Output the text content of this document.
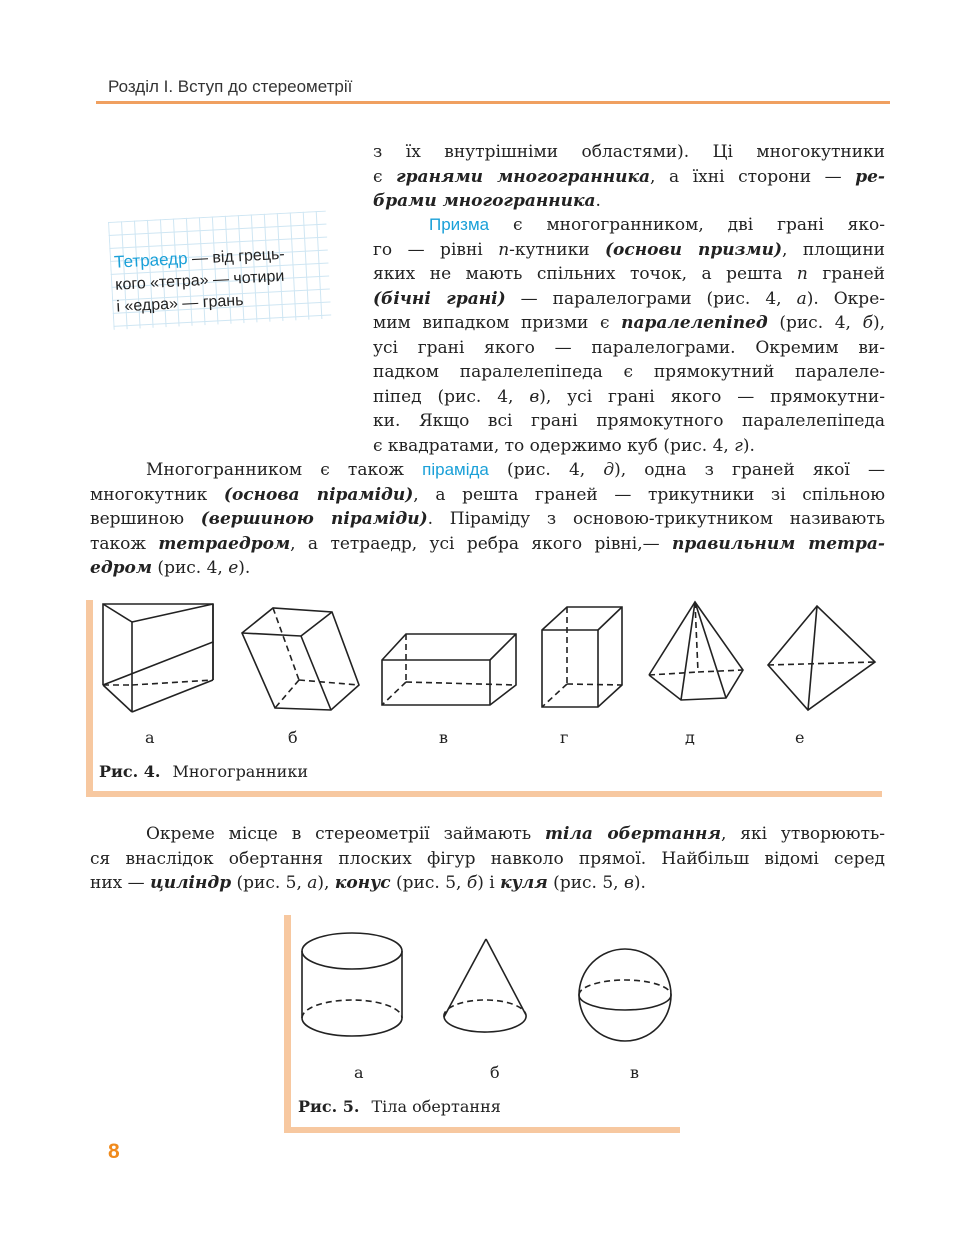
Розділ I. Вступ до стереометрії
Тетраедр — від грець-
кого «тетра» — чотири
і «едра» — грань
з їх внутрішніми областями). Ці многокутники
є гранями многогранника, а їхні сторони — ре-
брами многогранника.
Призма є многогранником, дві грані яко-
го — рівні n-кутники (основи призми), площини
яких не мають спільних точок, а решта n граней
(бічні грані) — паралелограми (рис. 4, а). Окре-
мим випадком призми є паралелепіпед (рис. 4, б),
усі грані якого — паралелограми. Окремим ви-
падком паралелепіпеда є прямокутний паралеле-
піпед (рис. 4, в), усі грані якого — прямокутни-
ки. Якщо всі грані прямокутного паралелепіпеда
є квадратами, то одержимо куб (рис. 4, г).
Многогранником є також піраміда (рис. 4, д), одна з граней якої —
многокутник (основа піраміди), а решта граней — трикутники зі спільною
вершиною (вершиною піраміди). Піраміду з основою-трикутником називають
також тетраедром, а тетраедр, усі ребра якого рівні,— правильним тетра-
едром (рис. 4, е).
а	б	в	г	д	е
Рис. 4. Многогранники
Окреме місце в стереометрії займають тіла обертання, які утворюють-
ся внаслідок обертання плоских фігур навколо прямої. Найбільш відомі серед
них — циліндр (рис. 5, а), конус (рис. 5, б) і куля (рис. 5, в).
а	б	в
Рис. 5. Тіла обертання
8
